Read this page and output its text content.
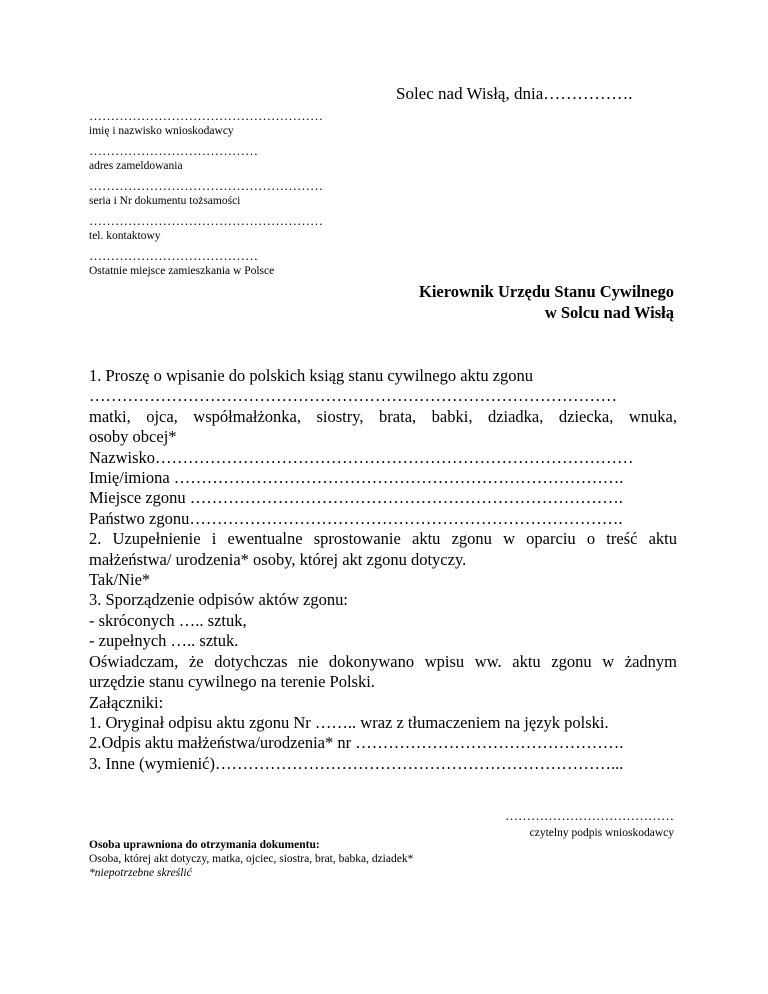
Solec nad Wisłą, dnia…………….
………………………………………………
imię i nazwisko wnioskodawcy
…………………………………
adres zameldowania
………………………………………………
seria i Nr dokumentu tożsamości
………………………………………………
tel. kontaktowy
…………………………………
Ostatnie miejsce zamieszkania w Polsce
Kierownik Urzędu Stanu Cywilnego
w Solcu nad Wisłą
1. Proszę o wpisanie do polskich ksiąg stanu cywilnego aktu zgonu
……………………………………………………………………………………
matki, ojca, współmałżonka, siostry, brata, babki, dziadka, dziecka, wnuka,
osoby obcej*
Nazwisko……………………………………………………………………………
Imię/imiona ……………………………………………………………………….
Miejsce zgonu …………………………………………………………………….
Państwo zgonu…………………………………………………………………….
2. Uzupełnienie i ewentualne sprostowanie aktu zgonu w oparciu o treść aktu
małżeństwa/ urodzenia* osoby, której akt zgonu dotyczy.
Tak/Nie*
3. Sporządzenie odpisów aktów zgonu:
- skróconych ….. sztuk,
- zupełnych ….. sztuk.
Oświadczam, że dotychczas nie dokonywano wpisu ww. aktu zgonu w żadnym
urzędzie stanu cywilnego na terenie Polski.
Załączniki:
1. Oryginał odpisu aktu zgonu Nr …….. wraz z tłumaczeniem na język polski.
2.Odpis aktu małżeństwa/urodzenia* nr ………………………………………….
3. Inne (wymienić)………………………………………………………………...
…………………………………
czytelny podpis wnioskodawcy
Osoba uprawniona do otrzymania dokumentu:
Osoba, której akt dotyczy, matka, ojciec, siostra, brat, babka, dziadek*
*niepotrzebne skreślić
